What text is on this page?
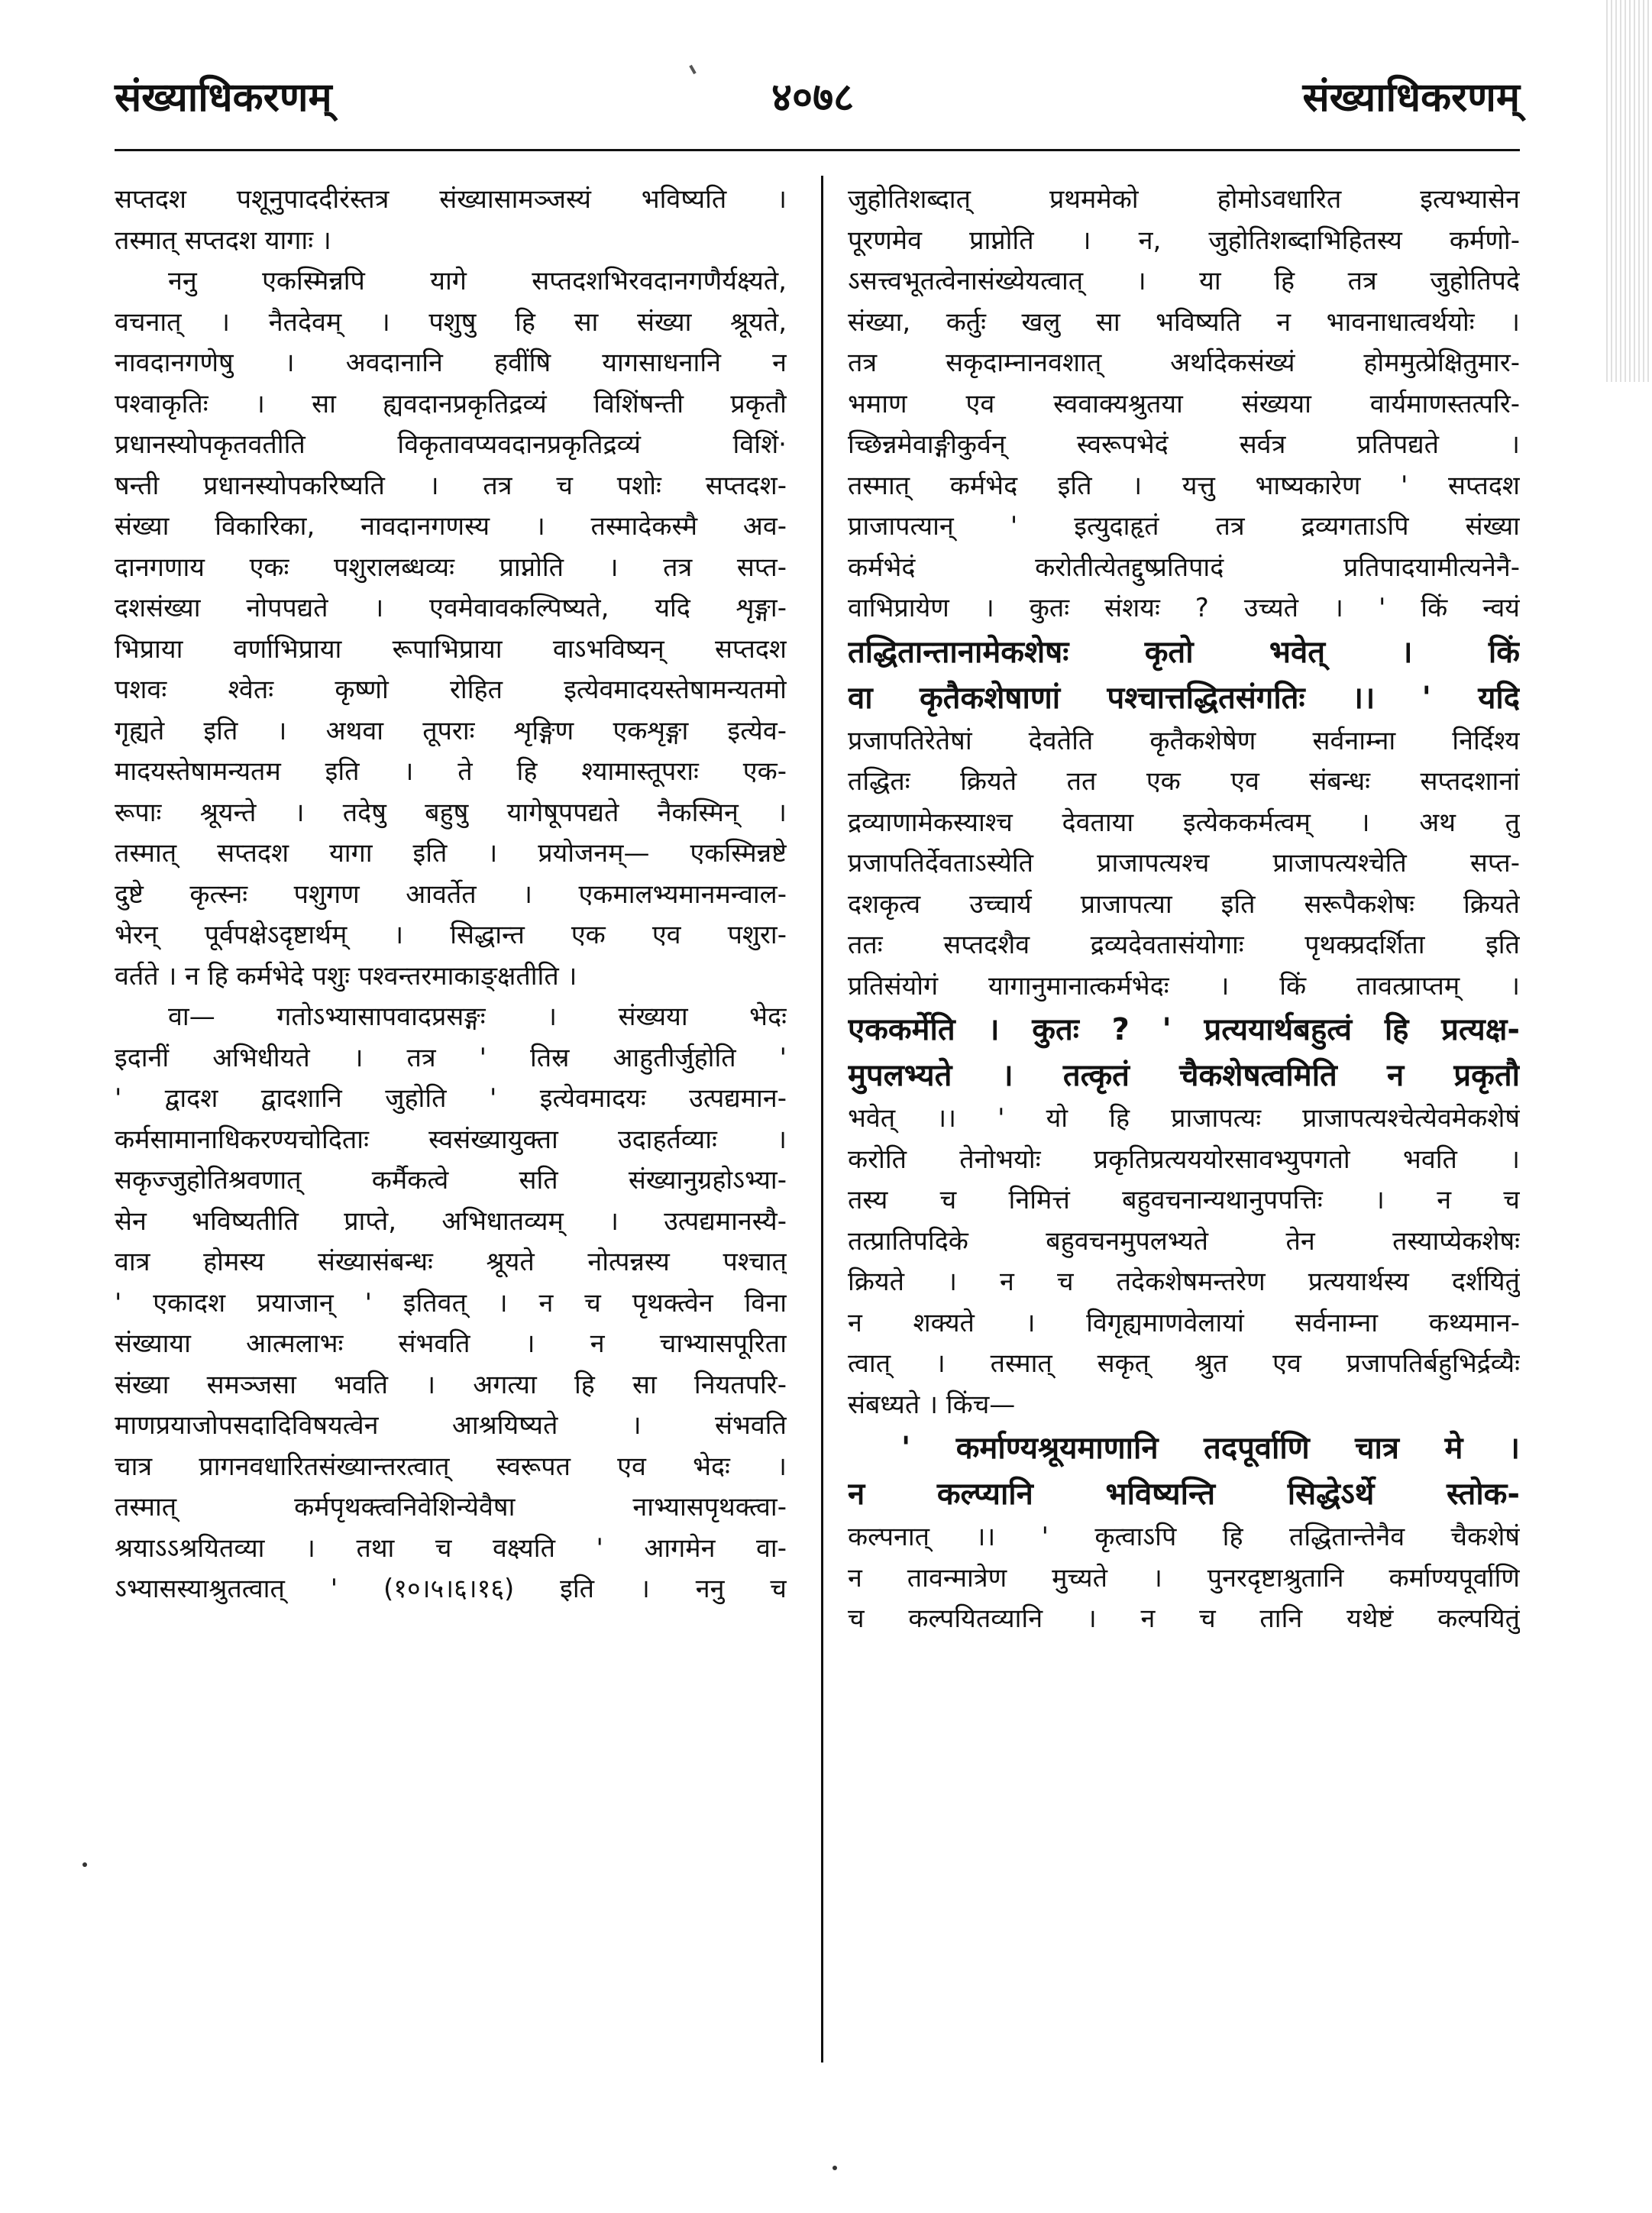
संख्याधिकरणम्	४०७८	संख्याधिकरणम्
सप्तदश पशूनुपाददीरंस्तत्र संख्यासामञ्जस्यं भविष्यति ।
तस्मात् सप्तदश यागाः ।
ननु एकस्मिन्नपि यागे सप्तदशभिरवदानगणैर्यक्ष्यते,
वचनात् । नैतदेवम् । पशुषु हि सा संख्या श्रूयते,
नावदानगणेषु । अवदानानि हवींषि यागसाधनानि न
पश्वाकृतिः । सा ह्यवदानप्रकृतिद्रव्यं विशिंषन्ती प्रकृतौ
प्रधानस्योपकृतवतीति विकृतावप्यवदानप्रकृतिद्रव्यं विशिं·
षन्ती प्रधानस्योपकरिष्यति । तत्र च पशोः सप्तदश-
संख्या विकारिका, नावदानगणस्य । तस्मादेकस्मै अव-
दानगणाय एकः पशुरालब्धव्यः प्राप्नोति । तत्र सप्त-
दशसंख्या नोपपद्यते । एवमेवावकल्पिष्यते, यदि शृङ्गा-
भिप्राया वर्णाभिप्राया रूपाभिप्राया वाऽभविष्यन् सप्तदश
पशवः श्वेतः कृष्णो रोहित इत्येवमादयस्तेषामन्यतमो
गृह्यते इति । अथवा तूपराः शृङ्गिण एकशृङ्गा इत्येव-
मादयस्तेषामन्यतम इति । ते हि श्यामास्तूपराः एक-
रूपाः श्रूयन्ते । तदेषु बहुषु यागेषूपपद्यते नैकस्मिन् ।
तस्मात् सप्तदश यागा इति । प्रयोजनम्— एकस्मिन्नष्टे
दुष्टे कृत्स्नः पशुगण आवर्तेत । एकमालभ्यमानमन्वाल-
भेरन् पूर्वपक्षेऽदृष्टार्थम् । सिद्धान्त एक एव पशुरा-
वर्तते । न हि कर्मभेदे पशुः पश्वन्तरमाकाङ्क्षतीति ।
वा— गतोऽभ्यासापवादप्रसङ्गः । संख्यया भेदः
इदानीं अभिधीयते । तत्र ' तिस्र आहुतीर्जुहोति '
' द्वादश द्वादशानि जुहोति ' इत्येवमादयः उत्पद्यमान-
कर्मसामानाधिकरण्यचोदिताः स्वसंख्यायुक्ता उदाहर्तव्याः ।
सकृज्जुहोतिश्रवणात् कर्मैकत्वे सति संख्यानुग्रहोऽभ्या-
सेन भविष्यतीति प्राप्ते, अभिधातव्यम् । उत्पद्यमानस्यै-
वात्र होमस्य संख्यासंबन्धः श्रूयते नोत्पन्नस्य पश्चात्
' एकादश प्रयाजान् ' इतिवत् । न च पृथक्त्वेन विना
संख्याया आत्मलाभः संभवति । न चाभ्यासपूरिता
संख्या समञ्जसा भवति । अगत्या हि सा नियतपरि-
माणप्रयाजोपसदादिविषयत्वेन आश्रयिष्यते । संभवति
चात्र प्रागनवधारितसंख्यान्तरत्वात् स्वरूपत एव भेदः ।
तस्मात् कर्मपृथक्त्वनिवेशिन्येवैषा नाभ्यासपृथक्त्वा-
श्रयाऽऽश्रयितव्या । तथा च वक्ष्यति ' आगमेन वा-
ऽभ्यासस्याश्रुतत्वात् ' (१०।५।६।१६) इति । ननु च
जुहोतिशब्दात् प्रथममेको होमोऽवधारित इत्यभ्यासेन
पूरणमेव प्राप्नोति । न, जुहोतिशब्दाभिहितस्य कर्मणो-
ऽसत्त्वभूतत्वेनासंख्येयत्वात् । या हि तत्र जुहोतिपदे
संख्या, कर्तुः खलु सा भविष्यति न भावनाधात्वर्थयोः ।
तत्र सकृदाम्नानवशात् अर्थादेकसंख्यं होममुत्प्रेक्षितुमार-
भमाण एव स्ववाक्यश्रुतया संख्यया वार्यमाणस्तत्परि-
च्छिन्नमेवाङ्गीकुर्वन् स्वरूपभेदं सर्वत्र प्रतिपद्यते ।
तस्मात् कर्मभेद इति । यत्तु भाष्यकारेण ' सप्तदश
प्राजापत्यान् ' इत्युदाहृतं तत्र द्रव्यगताऽपि संख्या
कर्मभेदं करोतीत्येतद्दुष्प्रतिपादं प्रतिपादयामीत्यनेनै-
वाभिप्रायेण । कुतः संशयः ? उच्यते । ' किं न्वयं
तद्धितान्तानामेकशेषः कृतो भवेत् । किं
वा कृतैकशेषाणां पश्चात्तद्धितसंगतिः ।। ' यदि
प्रजापतिरेतेषां देवतेति कृतैकशेषेण सर्वनाम्ना निर्दिश्य
तद्धितः क्रियते तत एक एव संबन्धः सप्तदशानां
द्रव्याणामेकस्याश्च देवताया इत्येककर्मत्वम् । अथ तु
प्रजापतिर्देवताऽस्येति प्राजापत्यश्च प्राजापत्यश्चेति सप्त-
दशकृत्व उच्चार्य प्राजापत्या इति सरूपैकशेषः क्रियते
ततः सप्तदशैव द्रव्यदेवतासंयोगाः पृथक्प्रदर्शिता इति
प्रतिसंयोगं यागानुमानात्कर्मभेदः । किं तावत्प्राप्तम् ।
एककर्मेति । कुतः ? ' प्रत्ययार्थबहुत्वं हि प्रत्यक्ष-
मुपलभ्यते । तत्कृतं चैकशेषत्वमिति न प्रकृतौ
भवेत् ।। ' यो हि प्राजापत्यः प्राजापत्यश्चेत्येवमेकशेषं
करोति तेनोभयोः प्रकृतिप्रत्यययोरसावभ्युपगतो भवति ।
तस्य च निमित्तं बहुवचनान्यथानुपपत्तिः । न च
तत्प्रातिपदिके बहुवचनमुपलभ्यते तेन तस्याप्येकशेषः
क्रियते । न च तदेकशेषमन्तरेण प्रत्ययार्थस्य दर्शयितुं
न शक्यते । विगृह्यमाणवेलायां सर्वनाम्ना कथ्यमान-
त्वात् । तस्मात् सकृत् श्रुत एव प्रजापतिर्बहुभिर्द्रव्यैः
संबध्यते । किंच—
' कर्माण्यश्रूयमाणानि तदपूर्वाणि चात्र मे ।
न कल्प्यानि भविष्यन्ति सिद्धेऽर्थे स्तोक-
कल्पनात् ।। ' कृत्वाऽपि हि तद्धितान्तेनैव चैकशेषं
न तावन्मात्रेण मुच्यते । पुनरदृष्टाश्रुतानि कर्माण्यपूर्वाणि
च कल्पयितव्यानि । न च तानि यथेष्टं कल्पयितुं
